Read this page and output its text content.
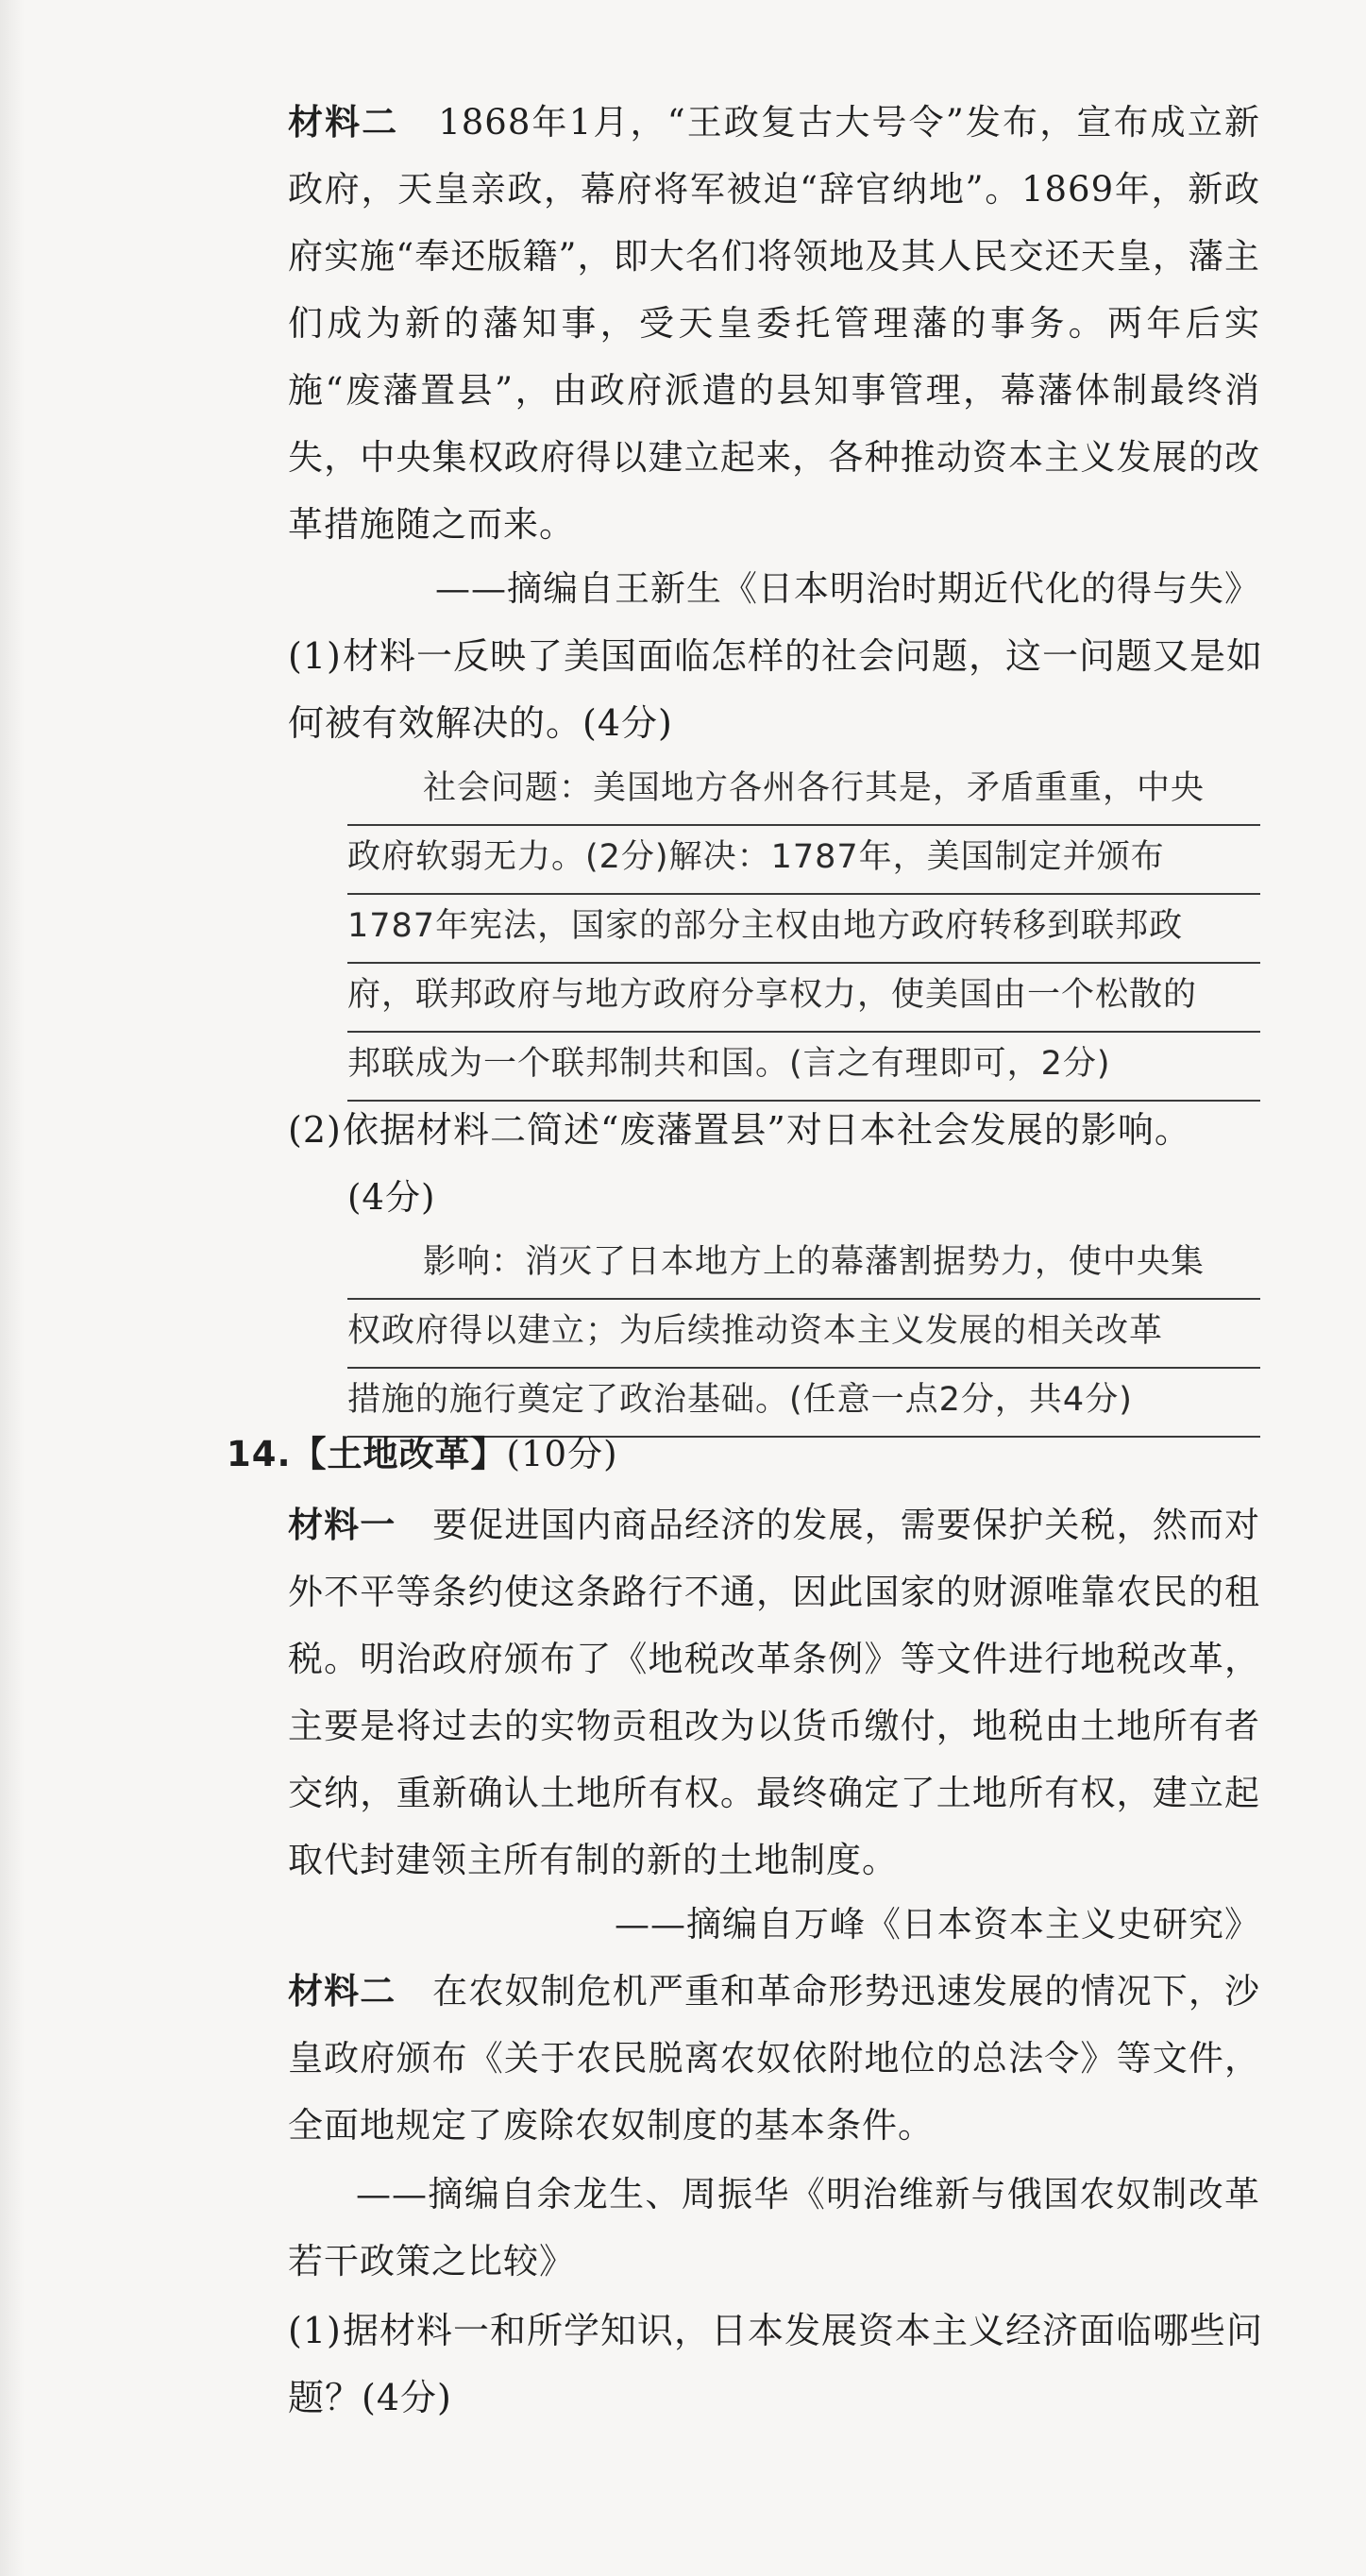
材料二 1868年1月，“王政复古大号令”发布，宣布成立新政府，天皇亲政，幕府将军被迫“辞官纳地”。1869年，新政府实施“奉还版籍”，即大名们将领地及其人民交还天皇，藩主们成为新的藩知事，受天皇委托管理藩的事务。两年后实施“废藩置县”，由政府派遣的县知事管理，幕藩体制最终消失，中央集权政府得以建立起来，各种推动资本主义发展的改革措施随之而来。
——摘编自王新生《日本明治时期近代化的得与失》
(1)材料一反映了美国面临怎样的社会问题，这一问题又是如何被有效解决的。(4分)
社会问题：美国地方各州各行其是，矛盾重重，中央
政府软弱无力。(2分)解决：1787年，美国制定并颁布
1787年宪法，国家的部分主权由地方政府转移到联邦政
府，联邦政府与地方政府分享权力，使美国由一个松散的
邦联成为一个联邦制共和国。(言之有理即可，2分)
(2)依据材料二简述“废藩置县”对日本社会发展的影响。
(4分)
影响：消灭了日本地方上的幕藩割据势力，使中央集
权政府得以建立；为后续推动资本主义发展的相关改革
措施的施行奠定了政治基础。(任意一点2分，共4分)
14.【土地改革】(10分)
材料一 要促进国内商品经济的发展，需要保护关税，然而对外不平等条约使这条路行不通，因此国家的财源唯靠农民的租税。明治政府颁布了《地税改革条例》等文件进行地税改革，主要是将过去的实物贡租改为以货币缴付，地税由土地所有者交纳，重新确认土地所有权。最终确定了土地所有权，建立起取代封建领主所有制的新的土地制度。
——摘编自万峰《日本资本主义史研究》
材料二 在农奴制危机严重和革命形势迅速发展的情况下，沙皇政府颁布《关于农民脱离农奴依附地位的总法令》等文件，全面地规定了废除农奴制度的基本条件。
——摘编自余龙生、周振华《明治维新与俄国农奴制改革若干政策之比较》
(1)据材料一和所学知识，日本发展资本主义经济面临哪些问题？(4分)
